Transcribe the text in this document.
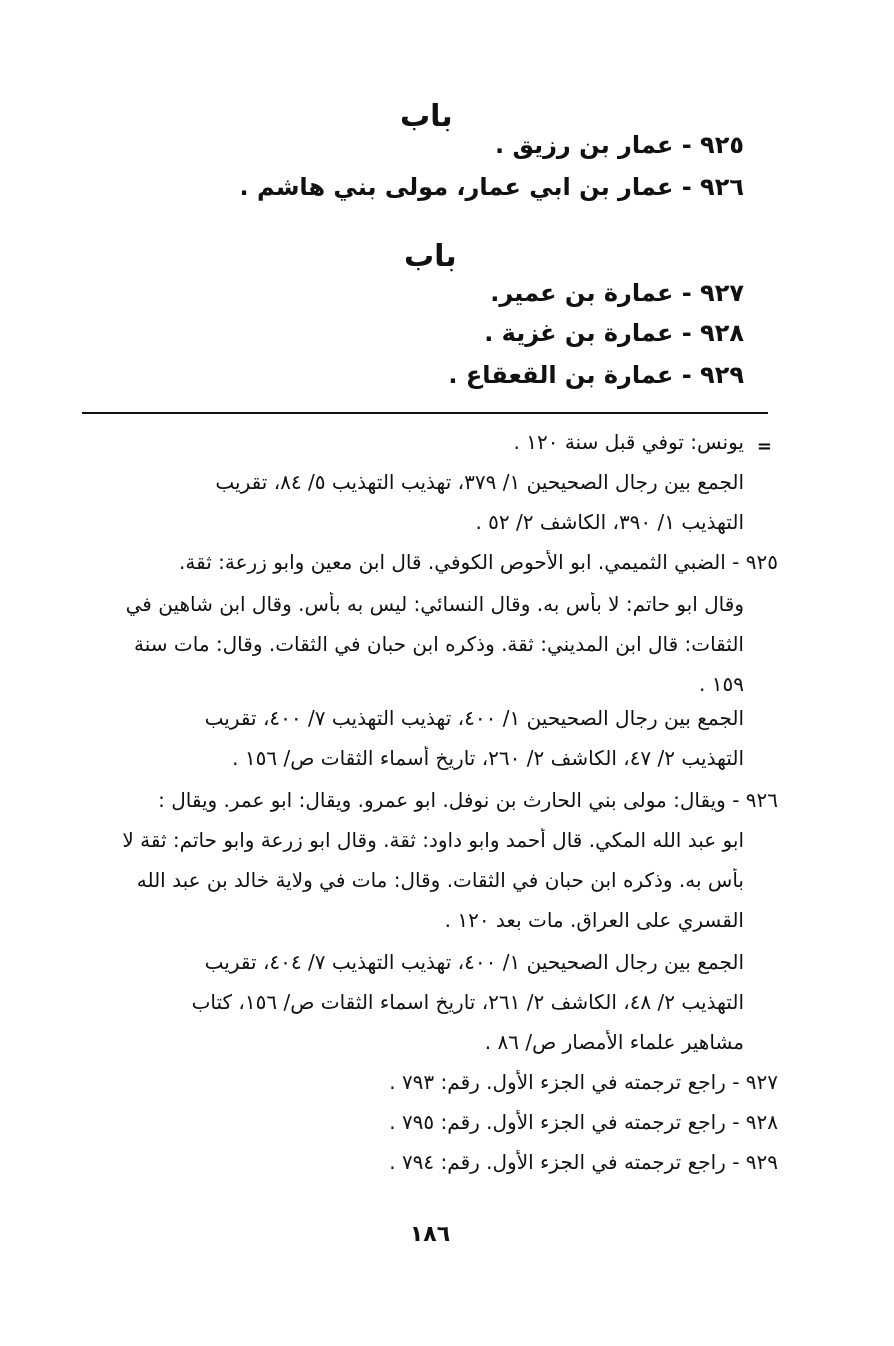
باب
٩٢٥ - عمار بن رزيق .
٩٢٦ - عمار بن ابي عمار، مولى بني هاشم .
باب
٩٢٧ - عمارة بن عمير.
٩٢٨ - عمارة بن غزية .
٩٢٩ - عمارة بن القعقاع .
=
يونس: توفي قبل سنة ١٢٠ .
الجمع بين رجال الصحيحين ١/ ٣٧٩، تهذيب التهذيب ٥/ ٨٤، تقريب
التهذيب ١/ ٣٩٠، الكاشف ٢/ ٥٢ .
٩٢٥ - الضبي الثميمي. ابو الأحوص الكوفي. قال ابن معين وابو زرعة: ثقة.
وقال ابو حاتم: لا بأس به. وقال النسائي: ليس به بأس. وقال ابن شاهين في
الثقات: قال ابن المديني: ثقة. وذكره ابن حبان في الثقات. وقال: مات سنة
١٥٩ .
الجمع بين رجال الصحيحين ١/ ٤٠٠، تهذيب التهذيب ٧/ ٤٠٠، تقريب
التهذيب ٢/ ٤٧، الكاشف ٢/ ٢٦٠، تاريخ أسماء الثقات ص/ ١٥٦ .
٩٢٦ - ويقال: مولى بني الحارث بن نوفل. ابو عمرو. ويقال: ابو عمر. ويقال :
ابو عبد الله المكي. قال أحمد وابو داود: ثقة. وقال ابو زرعة وابو حاتم: ثقة لا
بأس به. وذكره ابن حبان في الثقات. وقال: مات في ولاية خالد بن عبد الله
القسري على العراق. مات بعد ١٢٠ .
الجمع بين رجال الصحيحين ١/ ٤٠٠، تهذيب التهذيب ٧/ ٤٠٤، تقريب
التهذيب ٢/ ٤٨، الكاشف ٢/ ٢٦١، تاريخ اسماء الثقات ص/ ١٥٦، كتاب
مشاهير علماء الأمصار ص/ ٨٦ .
٩٢٧ - راجع ترجمته في الجزء الأول. رقم: ٧٩٣ .
٩٢٨ - راجع ترجمته في الجزء الأول. رقم: ٧٩٥ .
٩٢٩ - راجع ترجمته في الجزء الأول. رقم: ٧٩٤ .
١٨٦
